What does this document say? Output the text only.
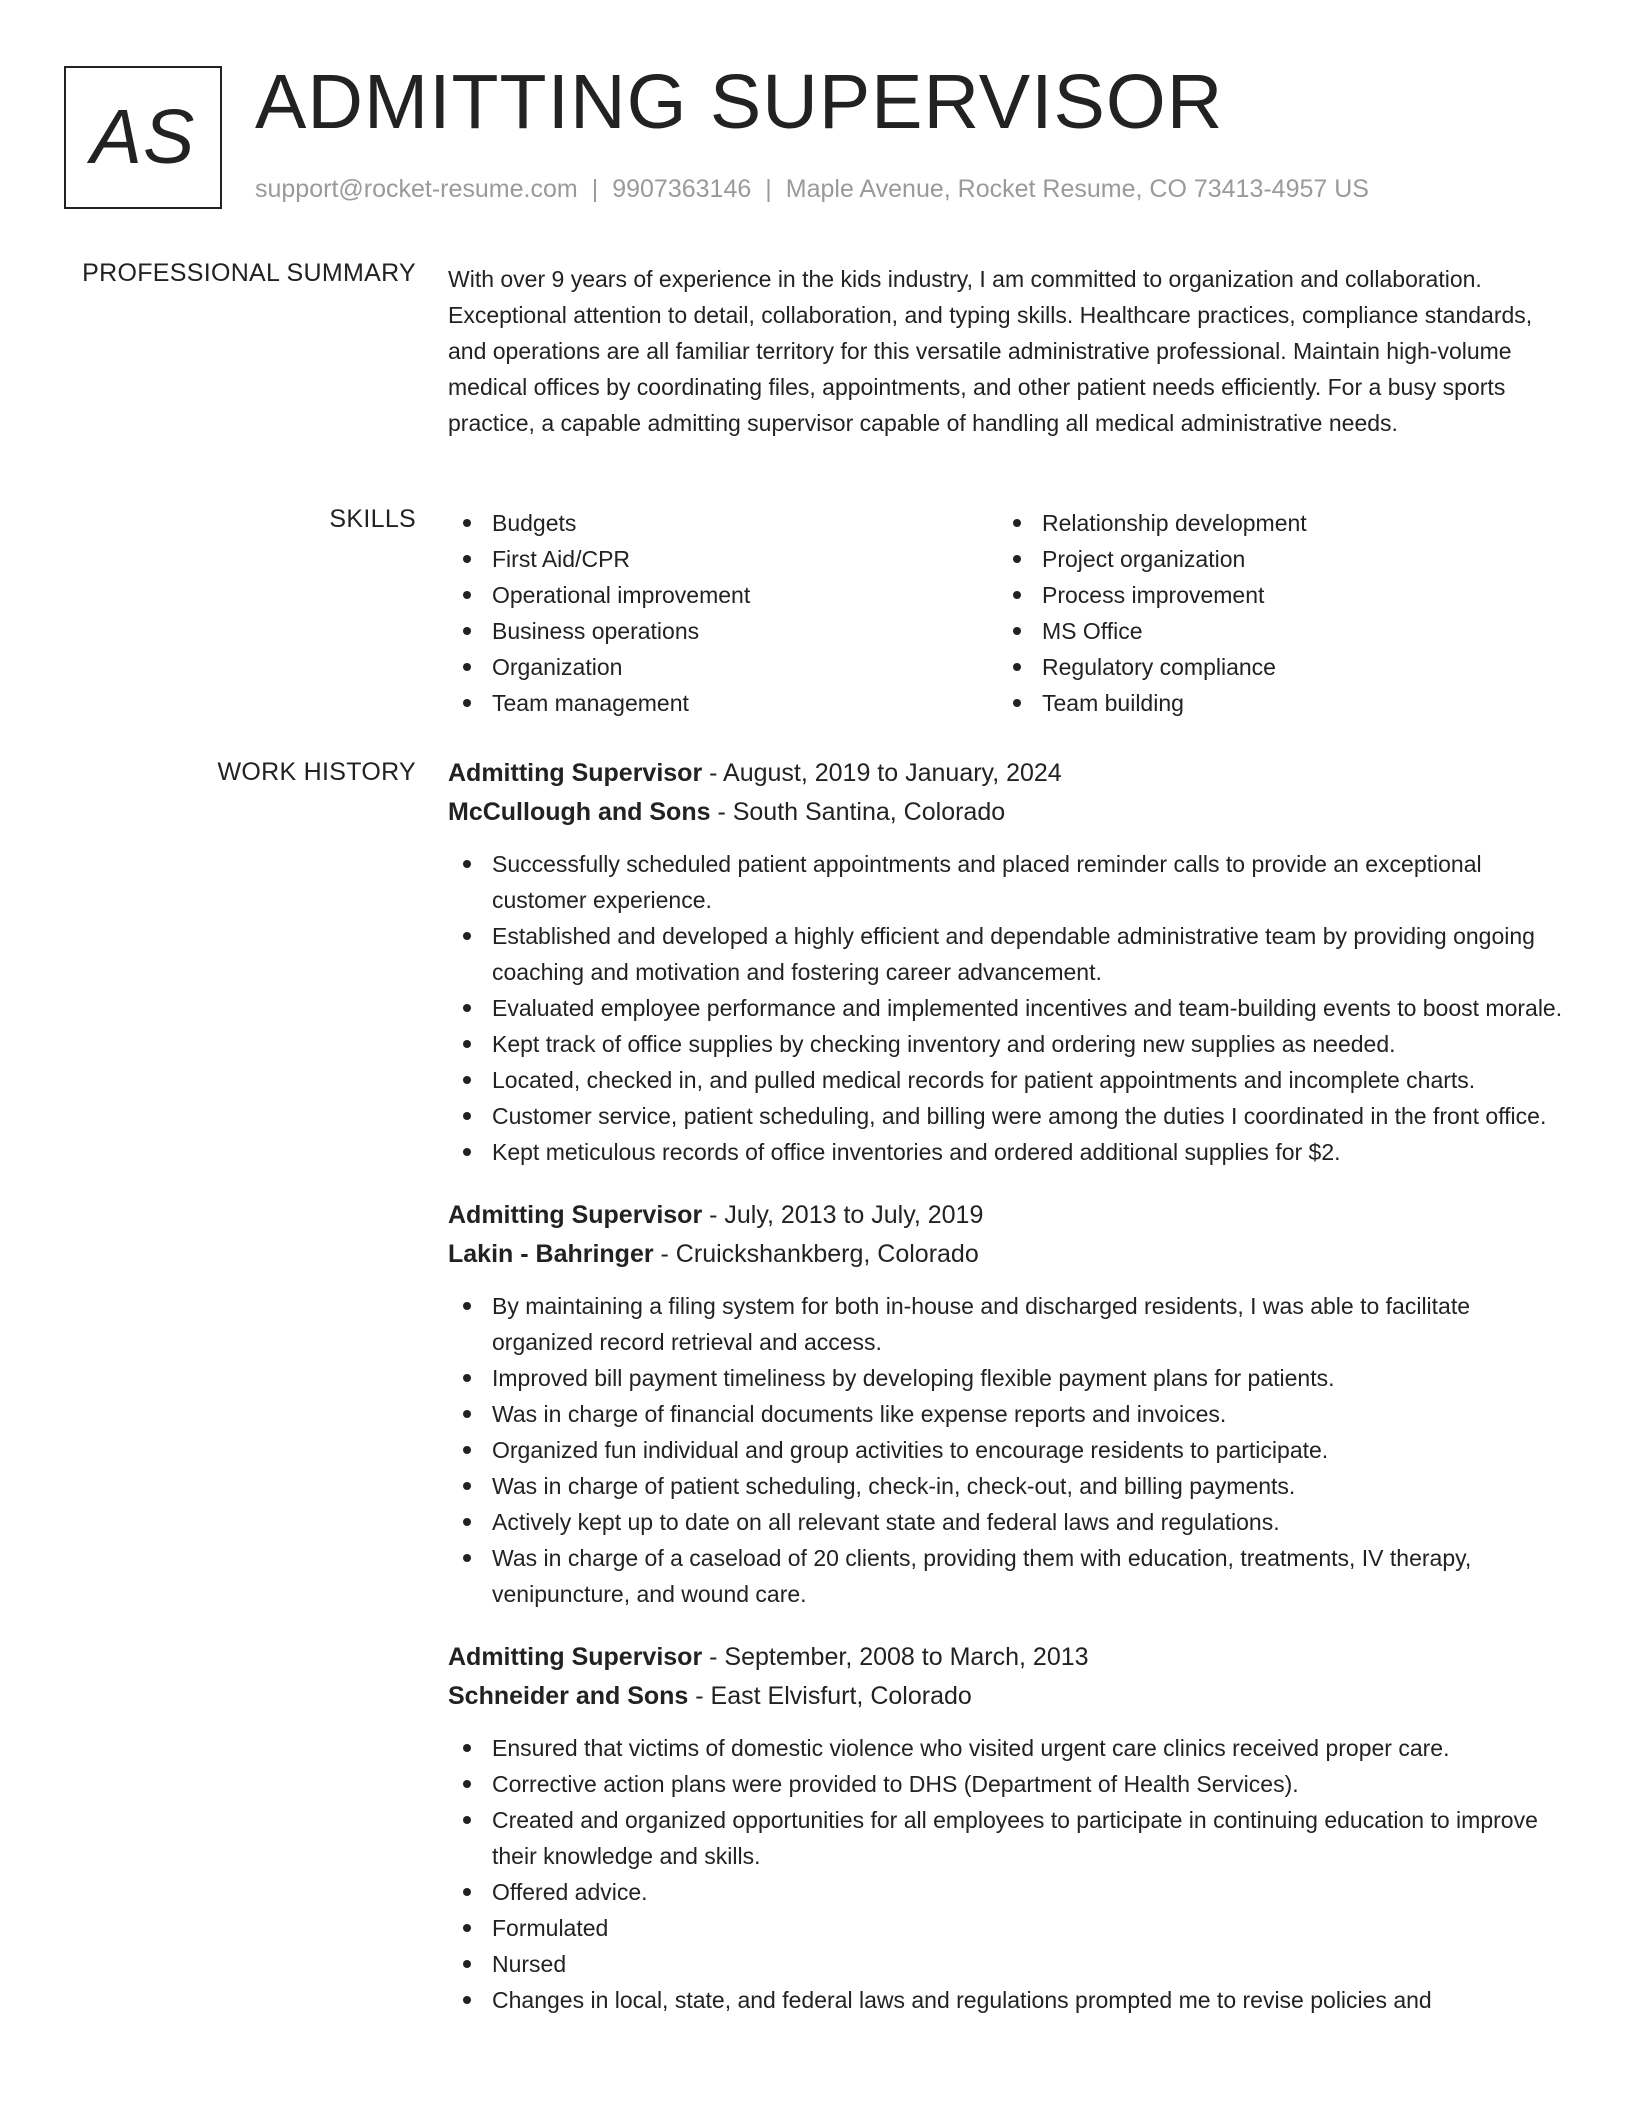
AS ADMITTING SUPERVISOR
support@rocket-resume.com | 9907363146 | Maple Avenue, Rocket Resume, CO 73413-4957 US
PROFESSIONAL SUMMARY With over 9 years of experience in the kids industry, I am committed to organization and collaboration. Exceptional attention to detail, collaboration, and typing skills. Healthcare practices, compliance standards, and operations are all familiar territory for this versatile administrative professional. Maintain high-volume medical offices by coordinating files, appointments, and other patient needs efficiently. For a busy sports practice, a capable admitting supervisor capable of handling all medical administrative needs.
SKILLS	Budgets
First Aid/CPR
Operational improvement
Business operations
Organization
Team management
Relationship development
Project organization
Process improvement
MS Office
Regulatory compliance
Team building
WORK HISTORY Admitting Supervisor - August, 2019 to January, 2024
McCullough and Sons - South Santina, Colorado
Successfully scheduled patient appointments and placed reminder calls to provide an exceptional customer experience.
Established and developed a highly efficient and dependable administrative team by providing ongoing coaching and motivation and fostering career advancement.
Evaluated employee performance and implemented incentives and team-building events to boost morale.
Kept track of office supplies by checking inventory and ordering new supplies as needed.
Located, checked in, and pulled medical records for patient appointments and incomplete charts.
Customer service, patient scheduling, and billing were among the duties I coordinated in the front office.
Kept meticulous records of office inventories and ordered additional supplies for $2.
Admitting Supervisor - July, 2013 to July, 2019
Lakin - Bahringer - Cruickshankberg, Colorado
By maintaining a filing system for both in-house and discharged residents, I was able to facilitate organized record retrieval and access.
Improved bill payment timeliness by developing flexible payment plans for patients.
Was in charge of financial documents like expense reports and invoices.
Organized fun individual and group activities to encourage residents to participate.
Was in charge of patient scheduling, check-in, check-out, and billing payments.
Actively kept up to date on all relevant state and federal laws and regulations.
Was in charge of a caseload of 20 clients, providing them with education, treatments, IV therapy, venipuncture, and wound care.
Admitting Supervisor - September, 2008 to March, 2013
Schneider and Sons - East Elvisfurt, Colorado
Ensured that victims of domestic violence who visited urgent care clinics received proper care.
Corrective action plans were provided to DHS (Department of Health Services).
Created and organized opportunities for all employees to participate in continuing education to improve their knowledge and skills.
Offered advice.
Formulated
Nursed
Changes in local, state, and federal laws and regulations prompted me to revise policies and
